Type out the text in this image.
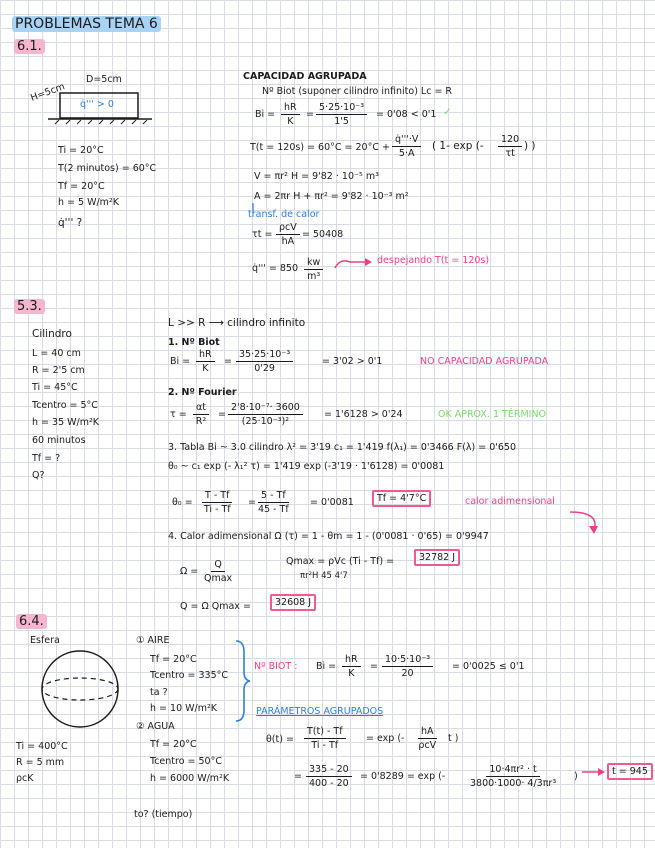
PROBLEMAS TEMA 6
6.1.
H=5cm
D=5cm
q̇''' > 0
Ti = 20°C
T(2 minutos) = 60°C
Tf = 20°C
h = 5 W/m²K
q̇''' ?
CAPACIDAD AGRUPADA
Nº Biot (suponer cilindro infinito) Lc = R
$Bi = \frac{hR}{K} = \frac{\text{5·25·10⁻³}}{1'5} = 0'08 < 0'1$ ✓
$T(t = 120s) = 60^\circ C = 20^\circ C + \frac{q̇'''\cdot V}{5\cdot A}$ ( 1- exp (- $\frac{120}{\tau t}$ ) )
V = πr² H = 9'82 · 10⁻⁵ m³
A = 2πr H + πr² = 9'82 · 10⁻³ m²
transf. de calor
τt =
ρcV
hA
= 50408
q̇''' = $850 \frac{kw}{\text{m³}}$	despejando T(t = 120s)
5.3.
Cilindro
L = 40 cm
R = 2'5 cm
Ti = 45°C
Tcentro = 5°C
h = 35 W/m²K
60 minutos
Tf = ?
Q?
L >> R ⟶ cilindro infinito
1. Nº Biot
$Bi = \frac{hR}{K} = \frac{\text{35·25·10⁻³}}{0'29}$	= 3'02 > 0'1	NO CAPACIDAD AGRUPADA
2. Nº Fourier
$\tau = \frac{\alpha t}{\text{R²}} = \frac{\text{2'8·10⁻⁷· 3600}}{\text{(25·10⁻³)²}} = 1'6128 > 0'24$	OK APROX. 1 TÉRMINO
3. Tabla Bi ~ 3.0 cilindro λ² = 3'19 c₁ = 1'419 f(λ₁) = 0'3466 F(λ) = 0'650
θ₀ ~ c₁ exp (- λ₁² τ) = 1'419 exp (-3'19 · 1'6128) = 0'0081
$\theta_0 = \frac{T - Tf}{Ti - Tf} = \frac{5 - Tf}{45 - Tf} = 0'0081$	Tf = 4'7°C	calor adimensional
4. Calor adimensional Ω (τ) = 1 - θm = 1 - (0'0081 · 0'65) = 0'9947
Ω =
Q
Qmax
Qmax = ρVc (Ti - Tf) =	32782 J
πr²H 45 4'7
Q = Ω Qmax =	32608 J
6.4.
Esfera
Ti = 400°C
R = 5 mm
ρcK
① AIRE
Tf = 20°C
Tcentro = 335°C
ta ?
h = 10 W/m²K
② AGUA
Tf = 20°C
Tcentro = 50°C
h = 6000 W/m²K
to? (tiempo)
Nº BIOT : $Bi = \frac{hR}{K} = \frac{\text{10·5·10⁻³}}{20} = 0'0025 \le 0'1$
PARÁMETROS AGRUPADOS
$\theta(t) = \frac{T(t) - Tf}{Ti - Tf} = \exp$ (-
hA
ρcV
t )
= $\frac{335 - 20}{400 - 20} = 0'8289 = \exp$ (-	$\frac{\text{10·4πr² · t}}{\text{3800·1000· 4/3πr³}}$ )	t = 945
